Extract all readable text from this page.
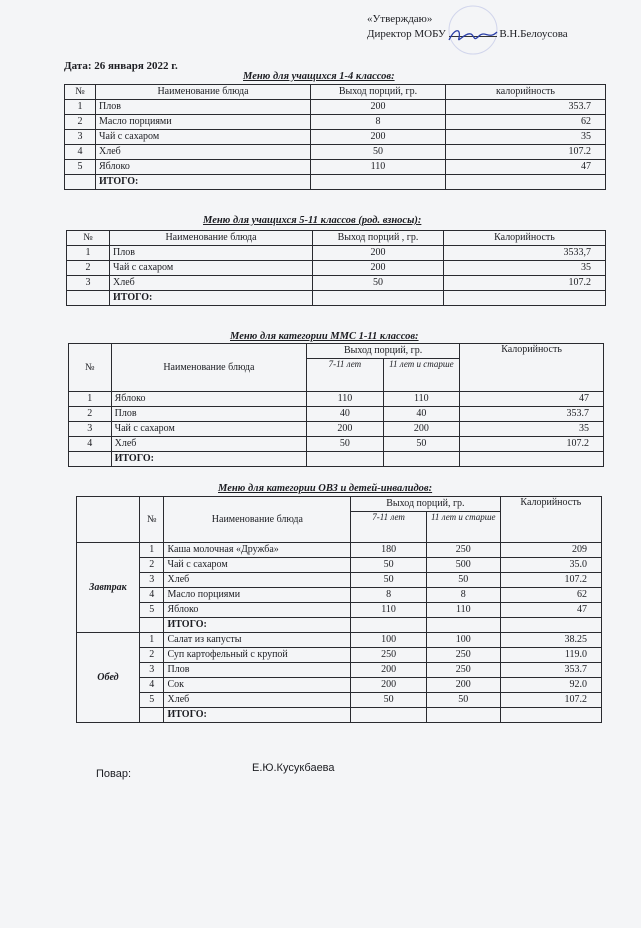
«Утверждаю»
Директор МОБУ	В.Н.Белоусова
Дата: 26 января 2022 г.
Меню для учащихся 1-4 классов:
№	Наименование блюда	Выход порций, гр.	калорийность
1	Плов	200	353.7
2	Масло порциями	8	62
3	Чай с сахаром	200	35
4	Хлеб	50	107.2
5	Яблоко	110	47
	ИТОГО:		
Меню для учащихся 5-11 классов (род. взносы):
№	Наименование блюда	Выход порций , гр.	Калорийность
1	Плов	200	3533,7
2	Чай с сахаром	200	35
3	Хлеб	50	107.2
	ИТОГО:		
Меню для категории ММС 1-11 классов:
№	Наименование блюда	Выход порций, гр.		Калорийность
		7-11 лет	11 лет и старше	
1	Яблоко	110	110	47
2	Плов	40	40	353.7
3	Чай с сахаром	200	200	35
4	Хлеб	50	50	107.2
	ИТОГО:			
Меню для категории ОВЗ и детей-инвалидов:
	№	Наименование блюда	Выход порций, гр.		Калорийность
			7-11 лет	11 лет и старше	
Завтрак	1	Каша молочная «Дружба»	180	250	209
	2	Чай с сахаром	50	500	35.0
	3	Хлеб	50	50	107.2
	4	Масло порциями	8	8	62
	5	Яблоко	110	110	47
		ИТОГО:			
Обед	1	Салат из капусты	100	100	38.25
	2	Суп картофельный с крупой	250	250	119.0
	3	Плов	200	250	353.7
	4	Сок	200	200	92.0
	5	Хлеб	50	50	107.2
		ИТОГО:			
Повар:	Е.Ю.Кусукбаева
